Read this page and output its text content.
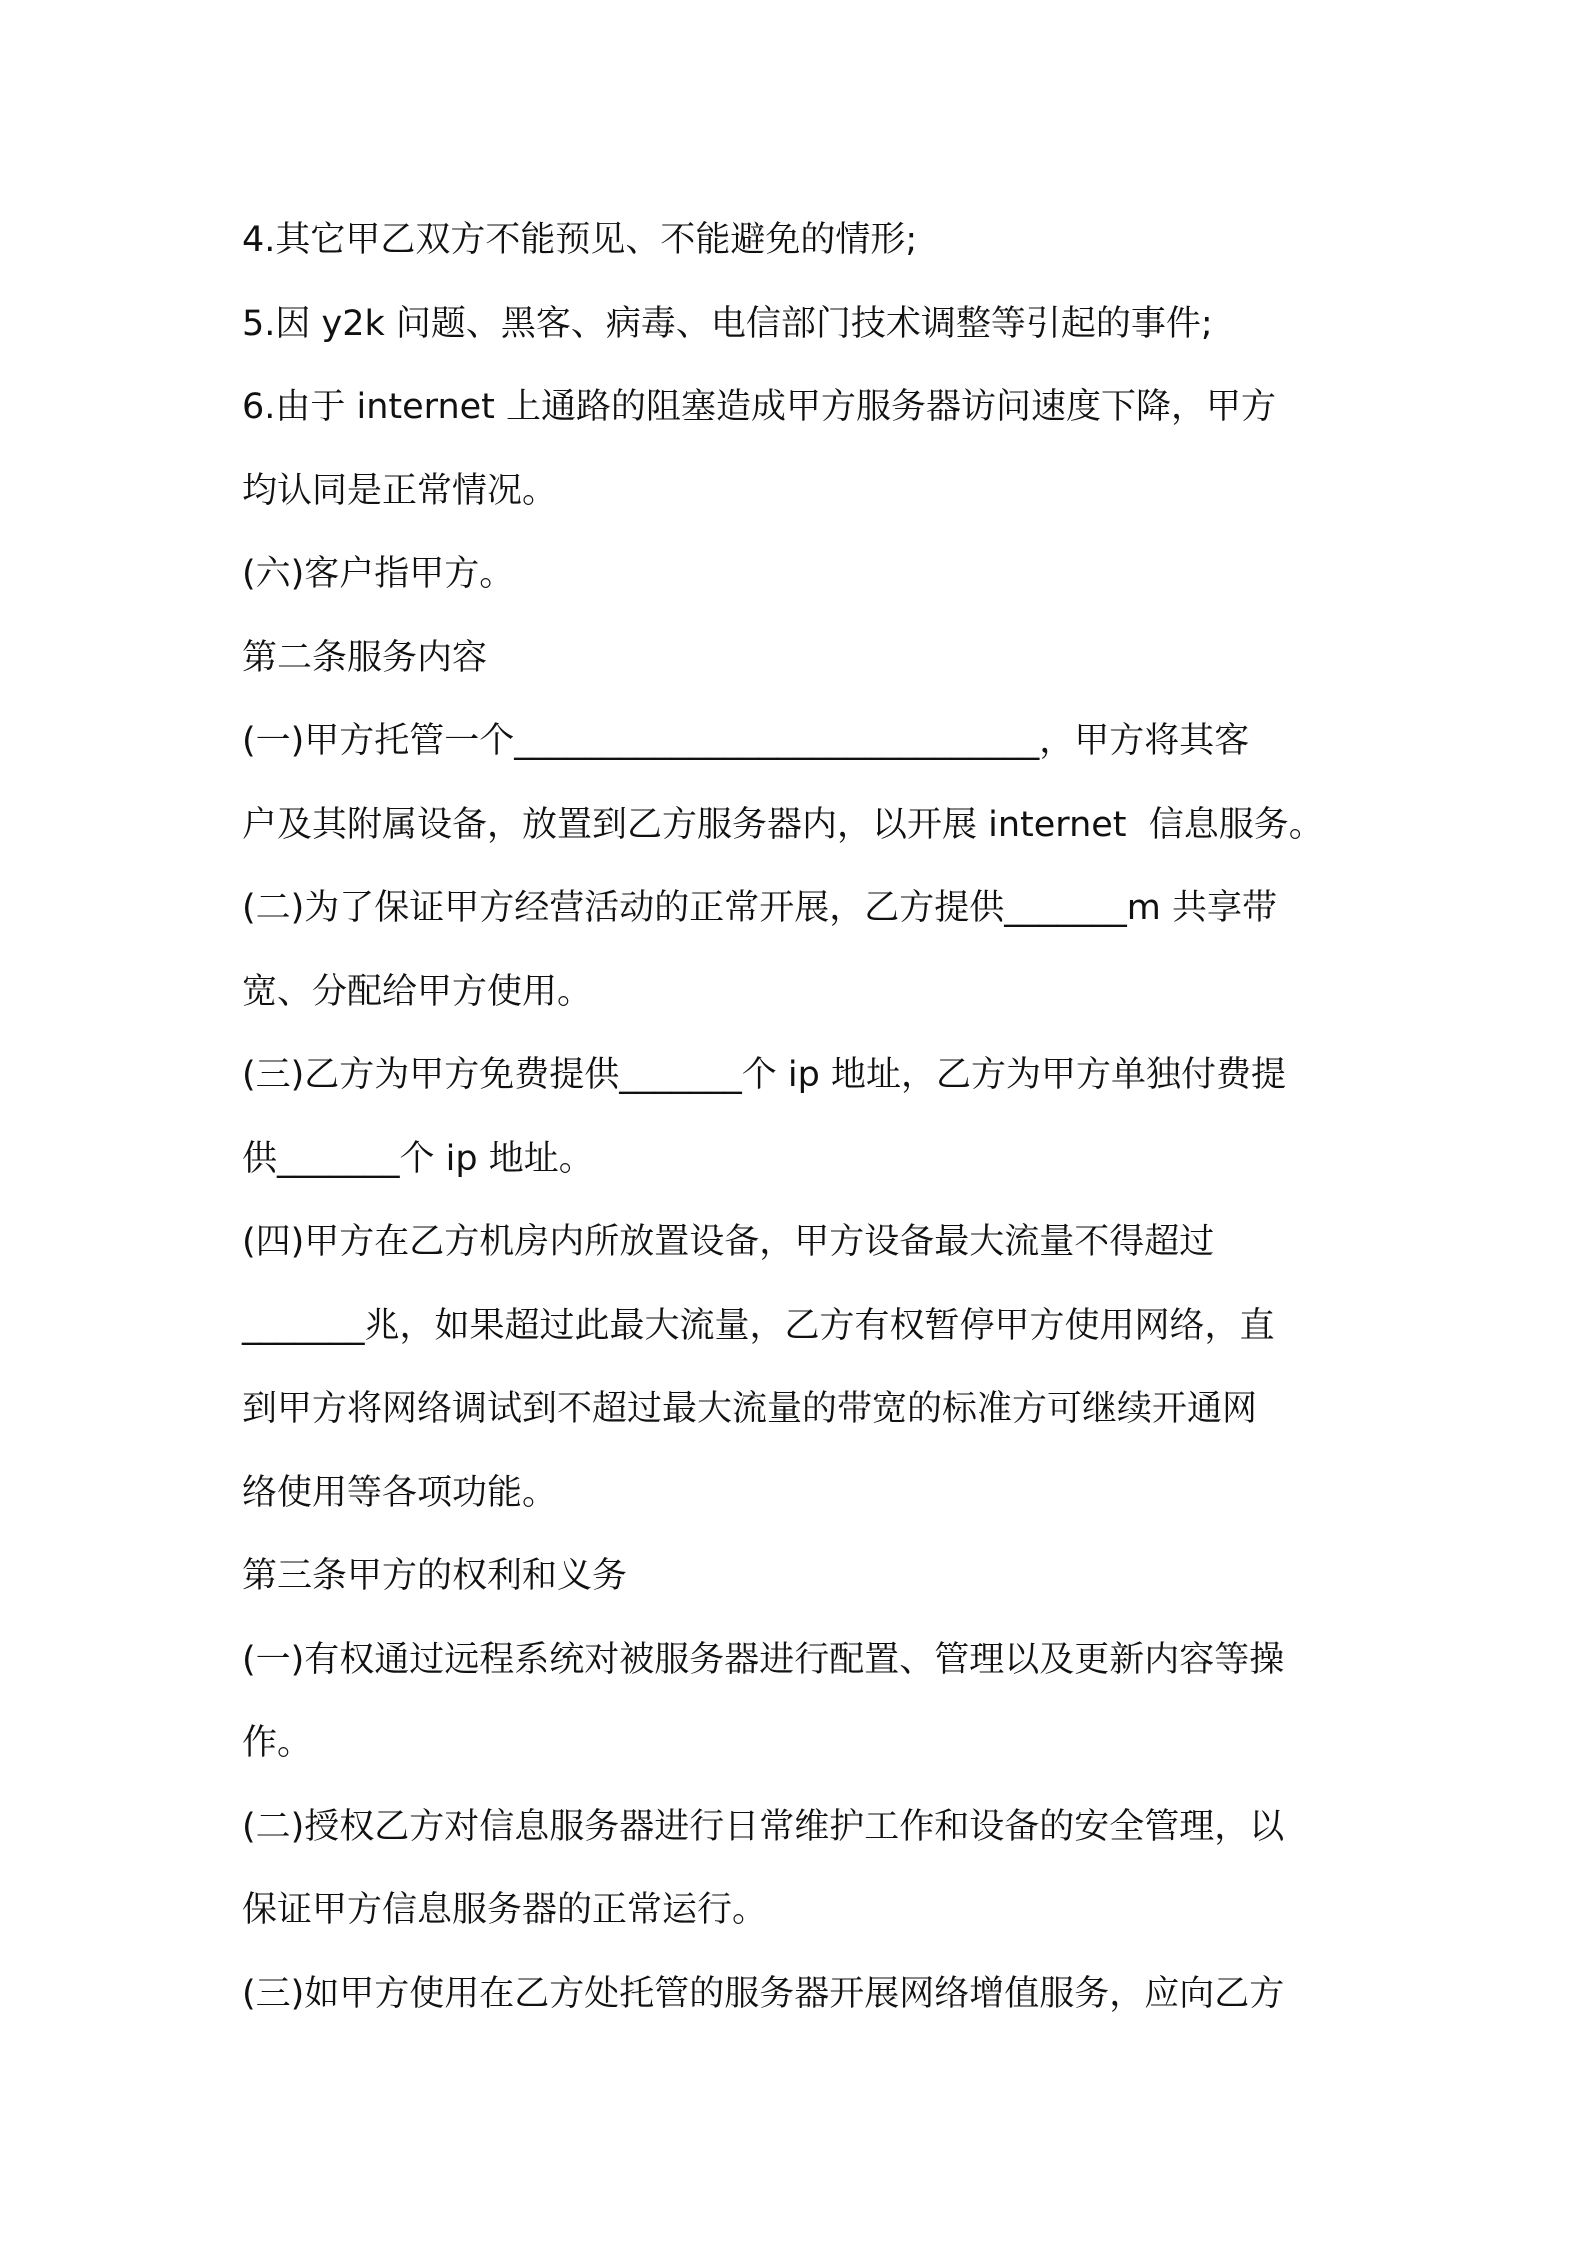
4.其它甲乙双方不能预见、不能避免的情形;
5.因 y2k 问题、黑客、病毒、电信部门技术调整等引起的事件;
6.由于 internet 上通路的阻塞造成甲方服务器访问速度下降，甲方
均认同是正常情况。
(六)客户指甲方。
第二条服务内容
(一)甲方托管一个______________________________，甲方将其客
户及其附属设备，放置到乙方服务器内，以开展 internet  信息服务。
(二)为了保证甲方经营活动的正常开展，乙方提供_______m 共享带
宽、分配给甲方使用。
(三)乙方为甲方免费提供_______个 ip 地址，乙方为甲方单独付费提
供_______个 ip 地址。
(四)甲方在乙方机房内所放置设备，甲方设备最大流量不得超过
_______兆，如果超过此最大流量，乙方有权暂停甲方使用网络，直
到甲方将网络调试到不超过最大流量的带宽的标准方可继续开通网
络使用等各项功能。
第三条甲方的权利和义务
(一)有权通过远程系统对被服务器进行配置、管理以及更新内容等操
作。
(二)授权乙方对信息服务器进行日常维护工作和设备的安全管理，以
保证甲方信息服务器的正常运行。
(三)如甲方使用在乙方处托管的服务器开展网络增值服务，应向乙方
